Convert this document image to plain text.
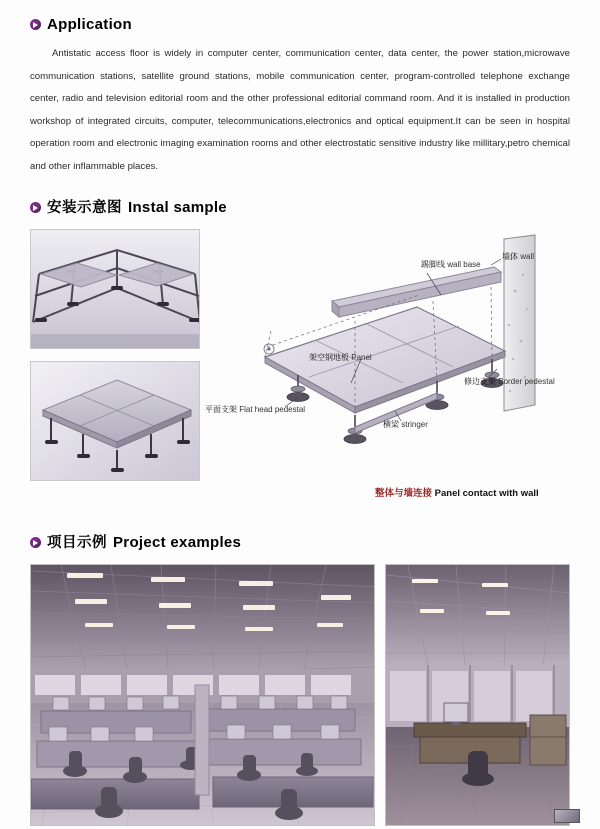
Application

Antistatic access floor is widely in computer center, communication center, data center, the power station,microwave communication stations, satellite ground stations, mobile communication center, program-controlled telephone exchange center, radio and television editorial room and the other professional editorial command room. And it is installed in production workshop of integrated circuits, computer, telecommunications,electronics and optical equipment.It can be seen in hospital operation room and electronic imaging examination rooms and other electrostatic sensitive industry like millitary,petro chemical and other inflammable places.

安装示意图 Instal sample
踢脚线 wall base
墙体 wall
架空钢地板 Panel
修边支架 Border pedestal
平面支架 Flat head pedestal
横梁 stringer
整体与墙连接 Panel contact with wall
项目示例 Project examples
